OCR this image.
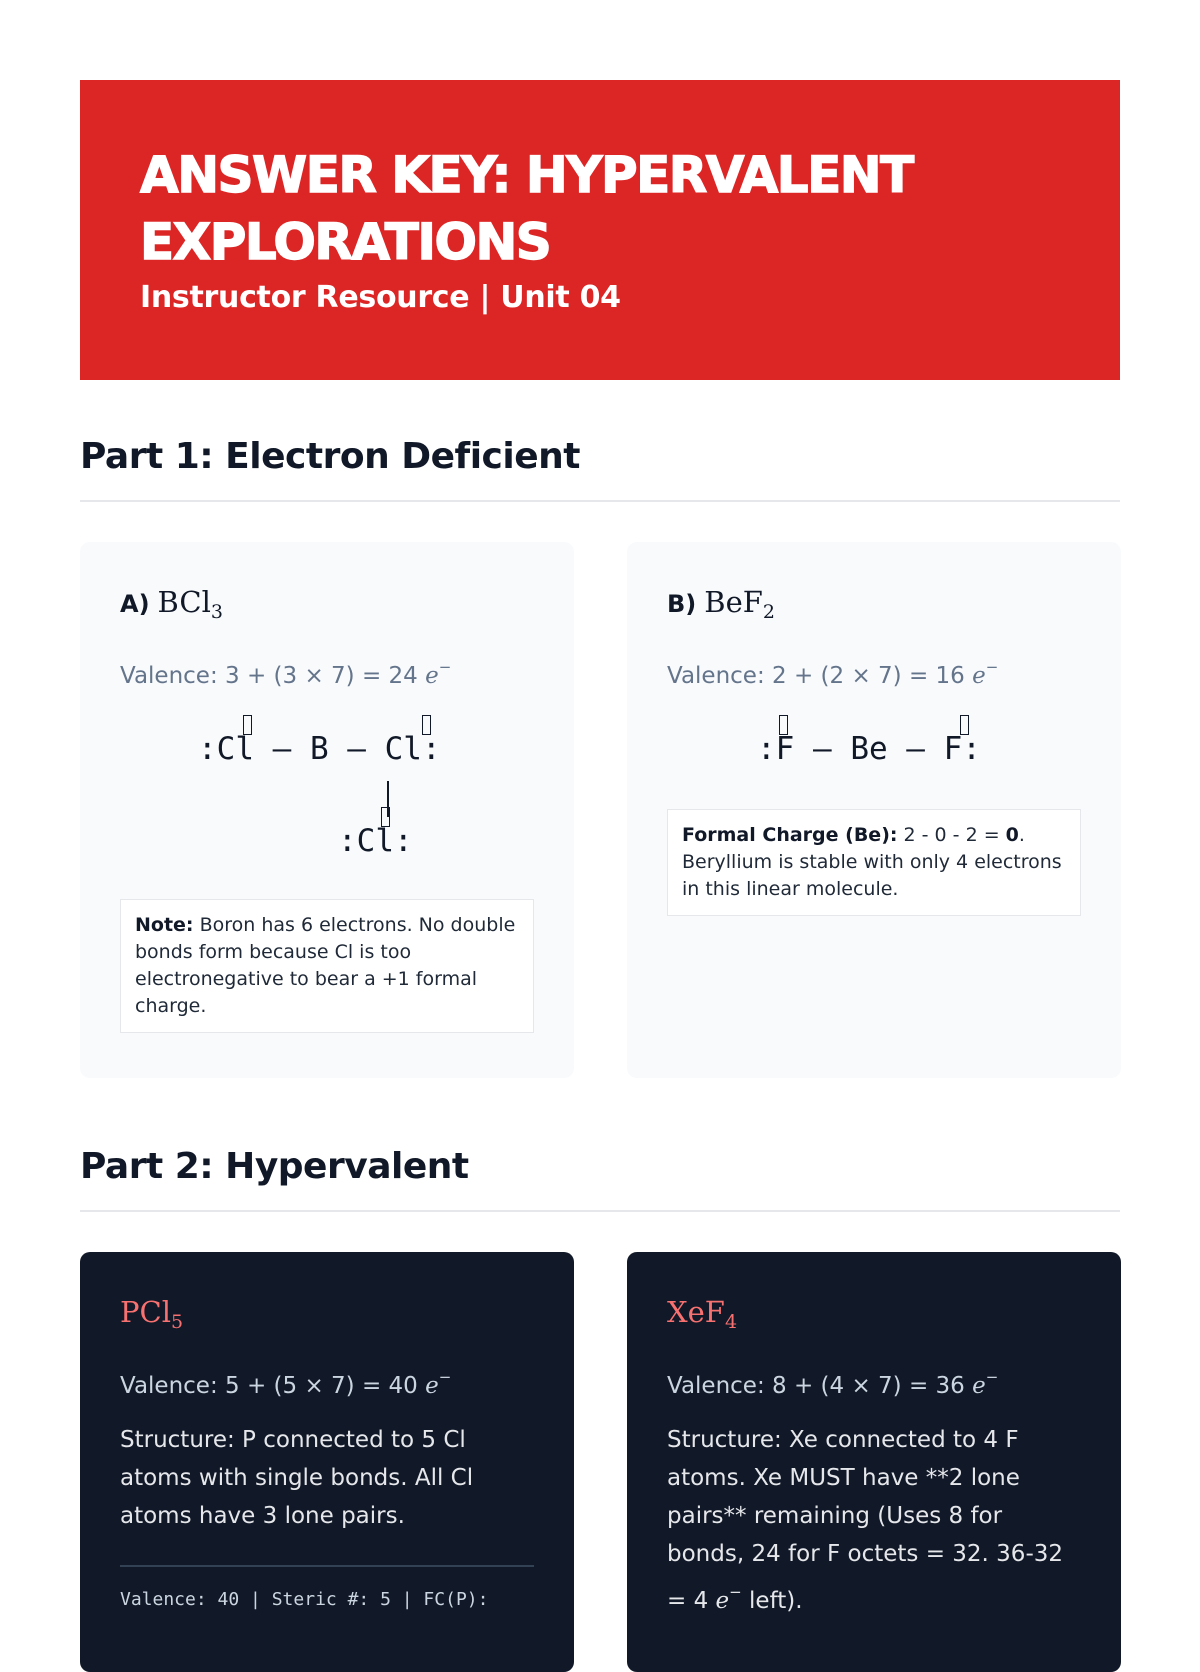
ANSWER KEY: HYPERVALENT
EXPLORATIONS
Instructor Resource | Unit 04
Part 1: Electron Deficient
A) BCl$_3$
Valence: 3 + (3 × 7) = 24 e−
:Cl — B — Cl:
:Cl:
Note: Boron has 6 electrons. No double bonds form because Cl is too electronegative to bear a +1 formal charge.
B) BeF$_2$
Valence: 2 + (2 × 7) = 16 e−
:F — Be — F:
Formal Charge (Be): 2 - 0 - 2 = 0. Beryllium is stable with only 4 electrons in this linear molecule.
Part 2: Hypervalent
PCl$_5$
Valence: 5 + (5 × 7) = 40 e−
Structure: P connected to 5 Cl atoms with single bonds. All Cl atoms have 3 lone pairs.
Valence: 40 | Steric #: 5 | FC(P):
XeF$_4$
Valence: 8 + (4 × 7) = 36 e−
Structure: Xe connected to 4 F atoms. Xe MUST have **2 lone pairs** remaining (Uses 8 for bonds, 24 for F octets = 32. 36-32 = 4 e− left).
